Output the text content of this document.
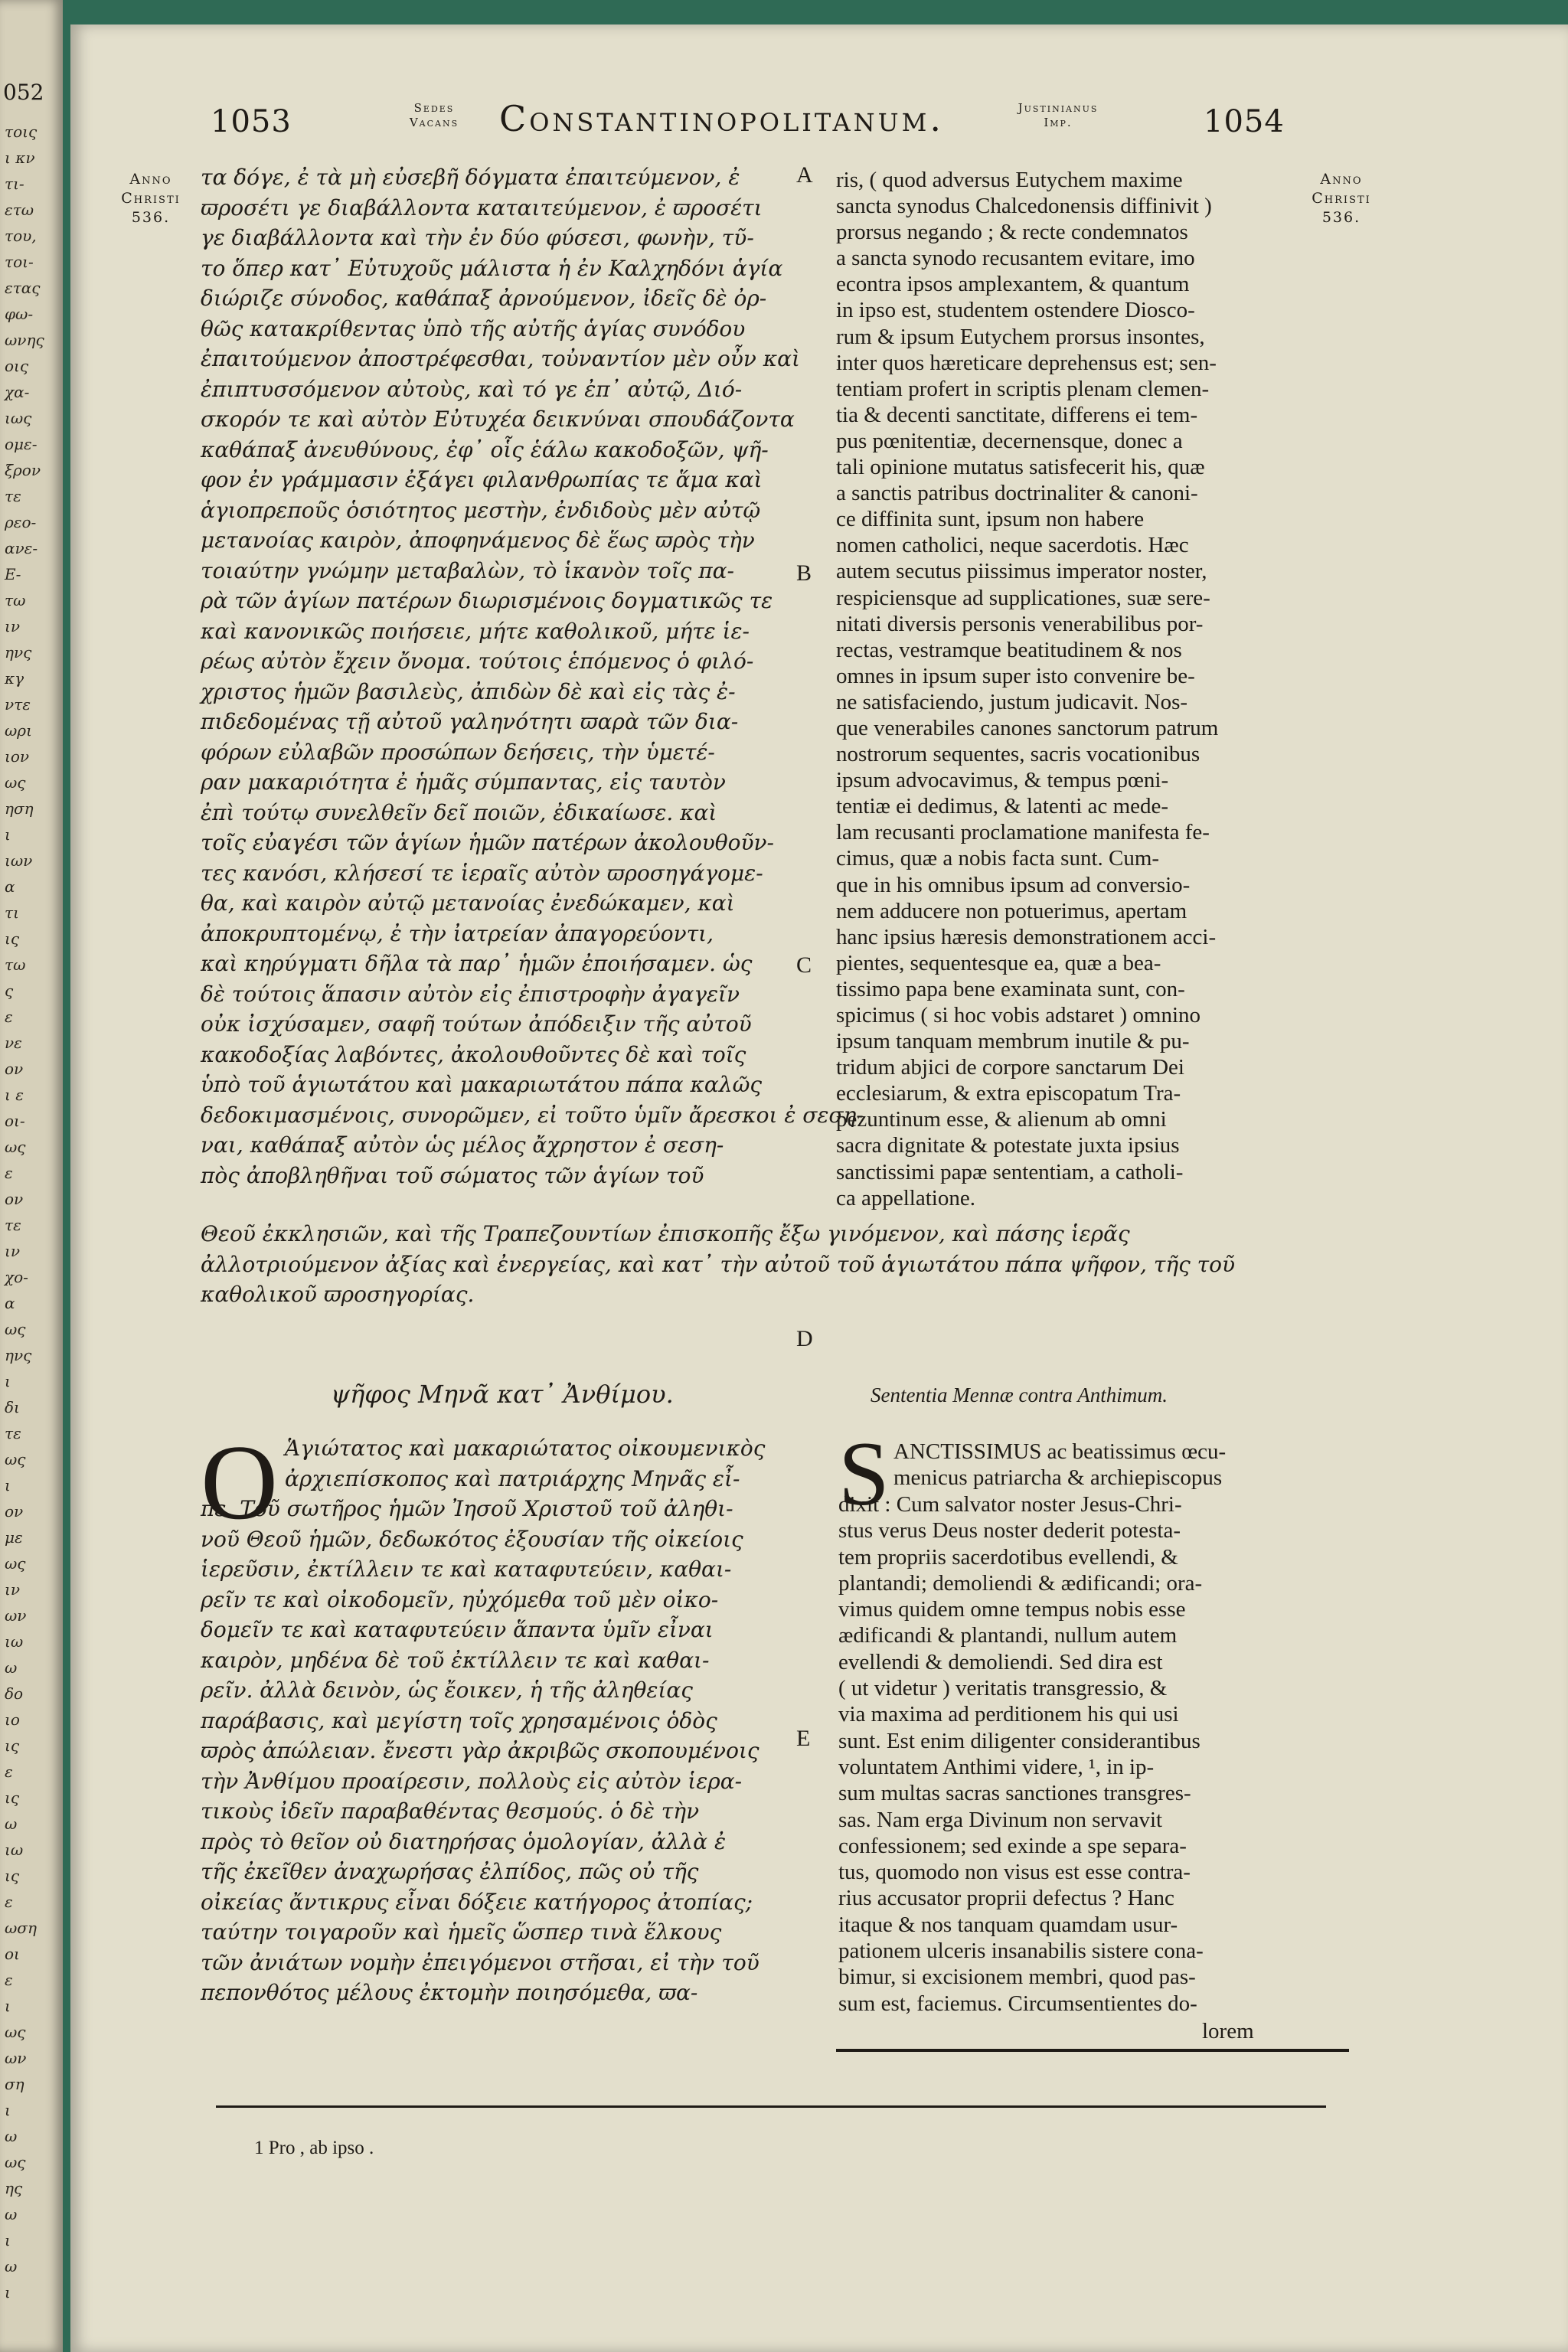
052
τοις
ι κν
τι-
ετω
του,
τοι-
ετας
φω-
ωνης
οις
χα-
ιως
ομε-
ξρον
τε
ρεο-
ανε-
Ε-
τω
ιν
ηνς
κγ
ντε
ωρι
ιον
ως
ηση
ι
ιων
α
τι
ις
τω
ς
ε
νε
ον
ι ε
οι-
ως
ε
ον
τε
ιν
χο-
α
ως
ηνς
ι
δι
τε
ως
ι
ον
με
ως
ιν
ων
ιω
ω
δο
ιο
ις
ε
ις
ω
ιω
ις
ε
ωση
οι
ε
ι
ως
ων
ση
ι
ω
ως
ης
ω
ι
ω
ι
1053	Sedes
Vacans	Constantinopolitanum.	Justinianus
Imp.	1054
Anno
Christi
536.
Anno
Christi
536.
A
B
C
D
E
τα δόγε, ἐ τὰ μὴ εὐσεβῆ δόγματα ἐπαιτεύμενον, ἐ
ϖροσέτι γε διαβάλλοντα καταιτεύμενον, ἐ ϖροσέτι
γε διαβάλλοντα καὶ τὴν ἐν δύο φύσεσι, φωνὴν, τῦ-
το ὅπερ κατ᾽ Εὐτυχοῦς μάλιστα ἡ ἐν Καλχηδόνι ἁγία
διώριζε σύνοδος, καθάπαξ ἀρνούμενον, ἰδεῖς δὲ ὀρ-
θῶς κατακρίθεντας ὑπὸ τῆς αὐτῆς ἁγίας συνόδου
ἐπαιτούμενον ἀποστρέφεσθαι, τοὐναντίον μὲν οὖν καὶ
ἐπιπτυσσόμενον αὐτοὺς, καὶ τό γε ἐπ᾽ αὐτῷ, Διό-
σκορόν τε καὶ αὐτὸν Εὐτυχέα δεικνύναι σπουδάζοντα
καθάπαξ ἀνευθύνους, ἐφ᾽ οἷς ἑάλω κακοδοξῶν, ψῆ-
φον ἐν γράμμασιν ἐξάγει φιλανθρωπίας τε ἅμα καὶ
ἁγιοπρεποῦς ὁσιότητος μεστὴν, ἐνδιδοὺς μὲν αὐτῷ
μετανοίας καιρὸν, ἀποφηνάμενος δὲ ἕως ϖρὸς τὴν
τοιαύτην γνώμην μεταβαλὼν, τὸ ἱκανὸν τοῖς πα-
ρὰ τῶν ἁγίων πατέρων διωρισμένοις δογματικῶς τε
καὶ κανονικῶς ποιήσειε, μήτε καθολικοῦ, μήτε ἱε-
ρέως αὐτὸν ἔχειν ὄνομα. τούτοις ἑπόμενος ὁ φιλό-
χριστος ἡμῶν βασιλεὺς, ἀπιδὼν δὲ καὶ εἰς τὰς ἐ-
πιδεδομένας τῇ αὐτοῦ γαληνότητι ϖαρὰ τῶν δια-
φόρων εὐλαβῶν προσώπων δεήσεις, τὴν ὑμετέ-
ραν μακαριότητα ἐ ἡμᾶς σύμπαντας, εἰς ταυτὸν
ἐπὶ τούτῳ συνελθεῖν δεῖ ποιῶν, ἐδικαίωσε. καὶ
τοῖς εὐαγέσι τῶν ἁγίων ἡμῶν πατέρων ἀκολουθοῦν-
τες κανόσι, κλήσεσί τε ἱεραῖς αὐτὸν ϖροσηγάγομε-
θα, καὶ καιρὸν αὐτῷ μετανοίας ἐνεδώκαμεν, καὶ
ἀποκρυπτομένῳ, ἐ τὴν ἰατρείαν ἀπαγορεύοντι,
καὶ κηρύγματι δῆλα τὰ παρ᾽ ἡμῶν ἐποιήσαμεν. ὡς
δὲ τούτοις ἅπασιν αὐτὸν εἰς ἐπιστροφὴν ἀγαγεῖν
οὐκ ἰσχύσαμεν, σαφῆ τούτων ἀπόδειξιν τῆς αὐτοῦ
κακοδοξίας λαβόντες, ἀκολουθοῦντες δὲ καὶ τοῖς
ὑπὸ τοῦ ἁγιωτάτου καὶ μακαριωτάτου πάπα καλῶς
δεδοκιμασμένοις, συνορῶμεν, εἰ τοῦτο ὑμῖν ἄρεσκοι ἐ σεση-
ναι, καθάπαξ αὐτὸν ὡς μέλος ἄχρηστον ἐ σεση-
πὸς ἀποβληθῆναι τοῦ σώματος τῶν ἁγίων τοῦ
ris, ( quod adversus Eutychem maxime
sancta synodus Chalcedonensis diffinivit )
prorsus negando ; & recte condemnatos
a sancta synodo recusantem evitare, imo
econtra ipsos amplexantem, & quantum
in ipso est, studentem ostendere Diosco-
rum & ipsum Eutychem prorsus insontes,
inter quos hæreticare deprehensus est; sen-
tentiam profert in scriptis plenam clemen-
tia & decenti sanctitate, differens ei tem-
pus pœnitentiæ, decernensque, donec a
tali opinione mutatus satisfecerit his, quæ
a sanctis patribus doctrinaliter & canoni-
ce diffinita sunt, ipsum non habere
nomen catholici, neque sacerdotis. Hæc
autem secutus piissimus imperator noster,
respiciensque ad supplicationes, suæ sere-
nitati diversis personis venerabilibus por-
rectas, vestramque beatitudinem & nos
omnes in ipsum super isto convenire be-
ne satisfaciendo, justum judicavit. Nos-
que venerabiles canones sanctorum patrum
nostrorum sequentes, sacris vocationibus
ipsum advocavimus, & tempus pœni-
tentiæ ei dedimus, & latenti ac mede-
lam recusanti proclamatione manifesta fe-
cimus, quæ a nobis facta sunt. Cum-
que in his omnibus ipsum ad conversio-
nem adducere non potuerimus, apertam
hanc ipsius hæresis demonstrationem acci-
pientes, sequentesque ea, quæ a bea-
tissimo papa bene examinata sunt, con-
spicimus ( si hoc vobis adstaret ) omnino
ipsum tanquam membrum inutile & pu-
tridum abjici de corpore sanctarum Dei
ecclesiarum, & extra episcopatum Tra-
pezuntinum esse, & alienum ab omni
sacra dignitate & potestate juxta ipsius
sanctissimi papæ sententiam, a catholi-
ca appellatione.
Θεοῦ ἐκκλησιῶν, καὶ τῆς Τραπεζουντίων ἐπισκοπῆς ἔξω γινόμενον, καὶ πάσης ἱερᾶς
ἀλλοτριούμενον ἀξίας καὶ ἐνεργείας, καὶ κατ᾽ τὴν αὐτοῦ τοῦ ἁγιωτάτου πάπα ψῆφον, τῆς τοῦ
καθολικοῦ ϖροσηγορίας.
ψῆφος Μηνᾶ κατ᾽ Ἀνθίμου.	Sententia Mennæ contra Anthimum.
O Ἁγιώτατος καὶ μακαριώτατος οἰκουμενικὸς
ἀρχιεπίσκοπος καὶ πατριάρχης Μηνᾶς εἶ-
πε. Τοῦ σωτῆρος ἡμῶν Ἰησοῦ Χριστοῦ τοῦ ἀληθι-
νοῦ Θεοῦ ἡμῶν, δεδωκότος ἐξουσίαν τῆς οἰκείοις
ἱερεῦσιν, ἐκτίλλειν τε καὶ καταφυτεύειν, καθαι-
ρεῖν τε καὶ οἰκοδομεῖν, ηὐχόμεθα τοῦ μὲν οἰκο-
δομεῖν τε καὶ καταφυτεύειν ἅπαντα ὑμῖν εἶναι
καιρὸν, μηδένα δὲ τοῦ ἐκτίλλειν τε καὶ καθαι-
ρεῖν. ἀλλὰ δεινὸν, ὡς ἔοικεν, ἡ τῆς ἀληθείας
παράβασις, καὶ μεγίστη τοῖς χρησαμένοις ὁδὸς
ϖρὸς ἀπώλειαν. ἔνεστι γὰρ ἀκριβῶς σκοπουμένοις
τὴν Ἀνθίμου προαίρεσιν, πολλοὺς εἰς αὐτὸν ἱερα-
τικοὺς ἰδεῖν παραβαθέντας θεσμούς. ὁ δὲ τὴν
πρὸς τὸ θεῖον οὐ διατηρήσας ὁμολογίαν, ἀλλὰ ἐ
τῆς ἐκεῖθεν ἀναχωρήσας ἐλπίδος, πῶς οὐ τῆς
οἰκείας ἄντικρυς εἶναι δόξειε κατήγορος ἀτοπίας;
ταύτην τοιγαροῦν καὶ ἡμεῖς ὥσπερ τινὰ ἕλκους
τῶν ἀνιάτων νομὴν ἐπειγόμενοι στῆσαι, εἰ τὴν τοῦ
πεπονθότος μέλους ἐκτομὴν ποιησόμεθα, ϖα-
S ANCTISSIMUS ac beatissimus œcu-
menicus patriarcha & archiepiscopus
dixit : Cum salvator noster Jesus-Chri-
stus verus Deus noster dederit potesta-
tem propriis sacerdotibus evellendi, &
plantandi; demoliendi & ædificandi; ora-
vimus quidem omne tempus nobis esse
ædificandi & plantandi, nullum autem
evellendi & demoliendi. Sed dira est
( ut videtur ) veritatis transgressio, &
via maxima ad perditionem his qui usi
sunt. Est enim diligenter considerantibus
voluntatem Anthimi videre, ¹, in ip-
sum multas sacras sanctiones transgres-
sas. Nam erga Divinum non servavit
confessionem; sed exinde a spe separa-
tus, quomodo non visus est esse contra-
rius accusator proprii defectus ? Hanc
itaque & nos tanquam quamdam usur-
pationem ulceris insanabilis sistere cona-
bimur, si excisionem membri, quod pas-
sum est, faciemus. Circumsentientes do-
lorem
1 Pro , ab ipso .
